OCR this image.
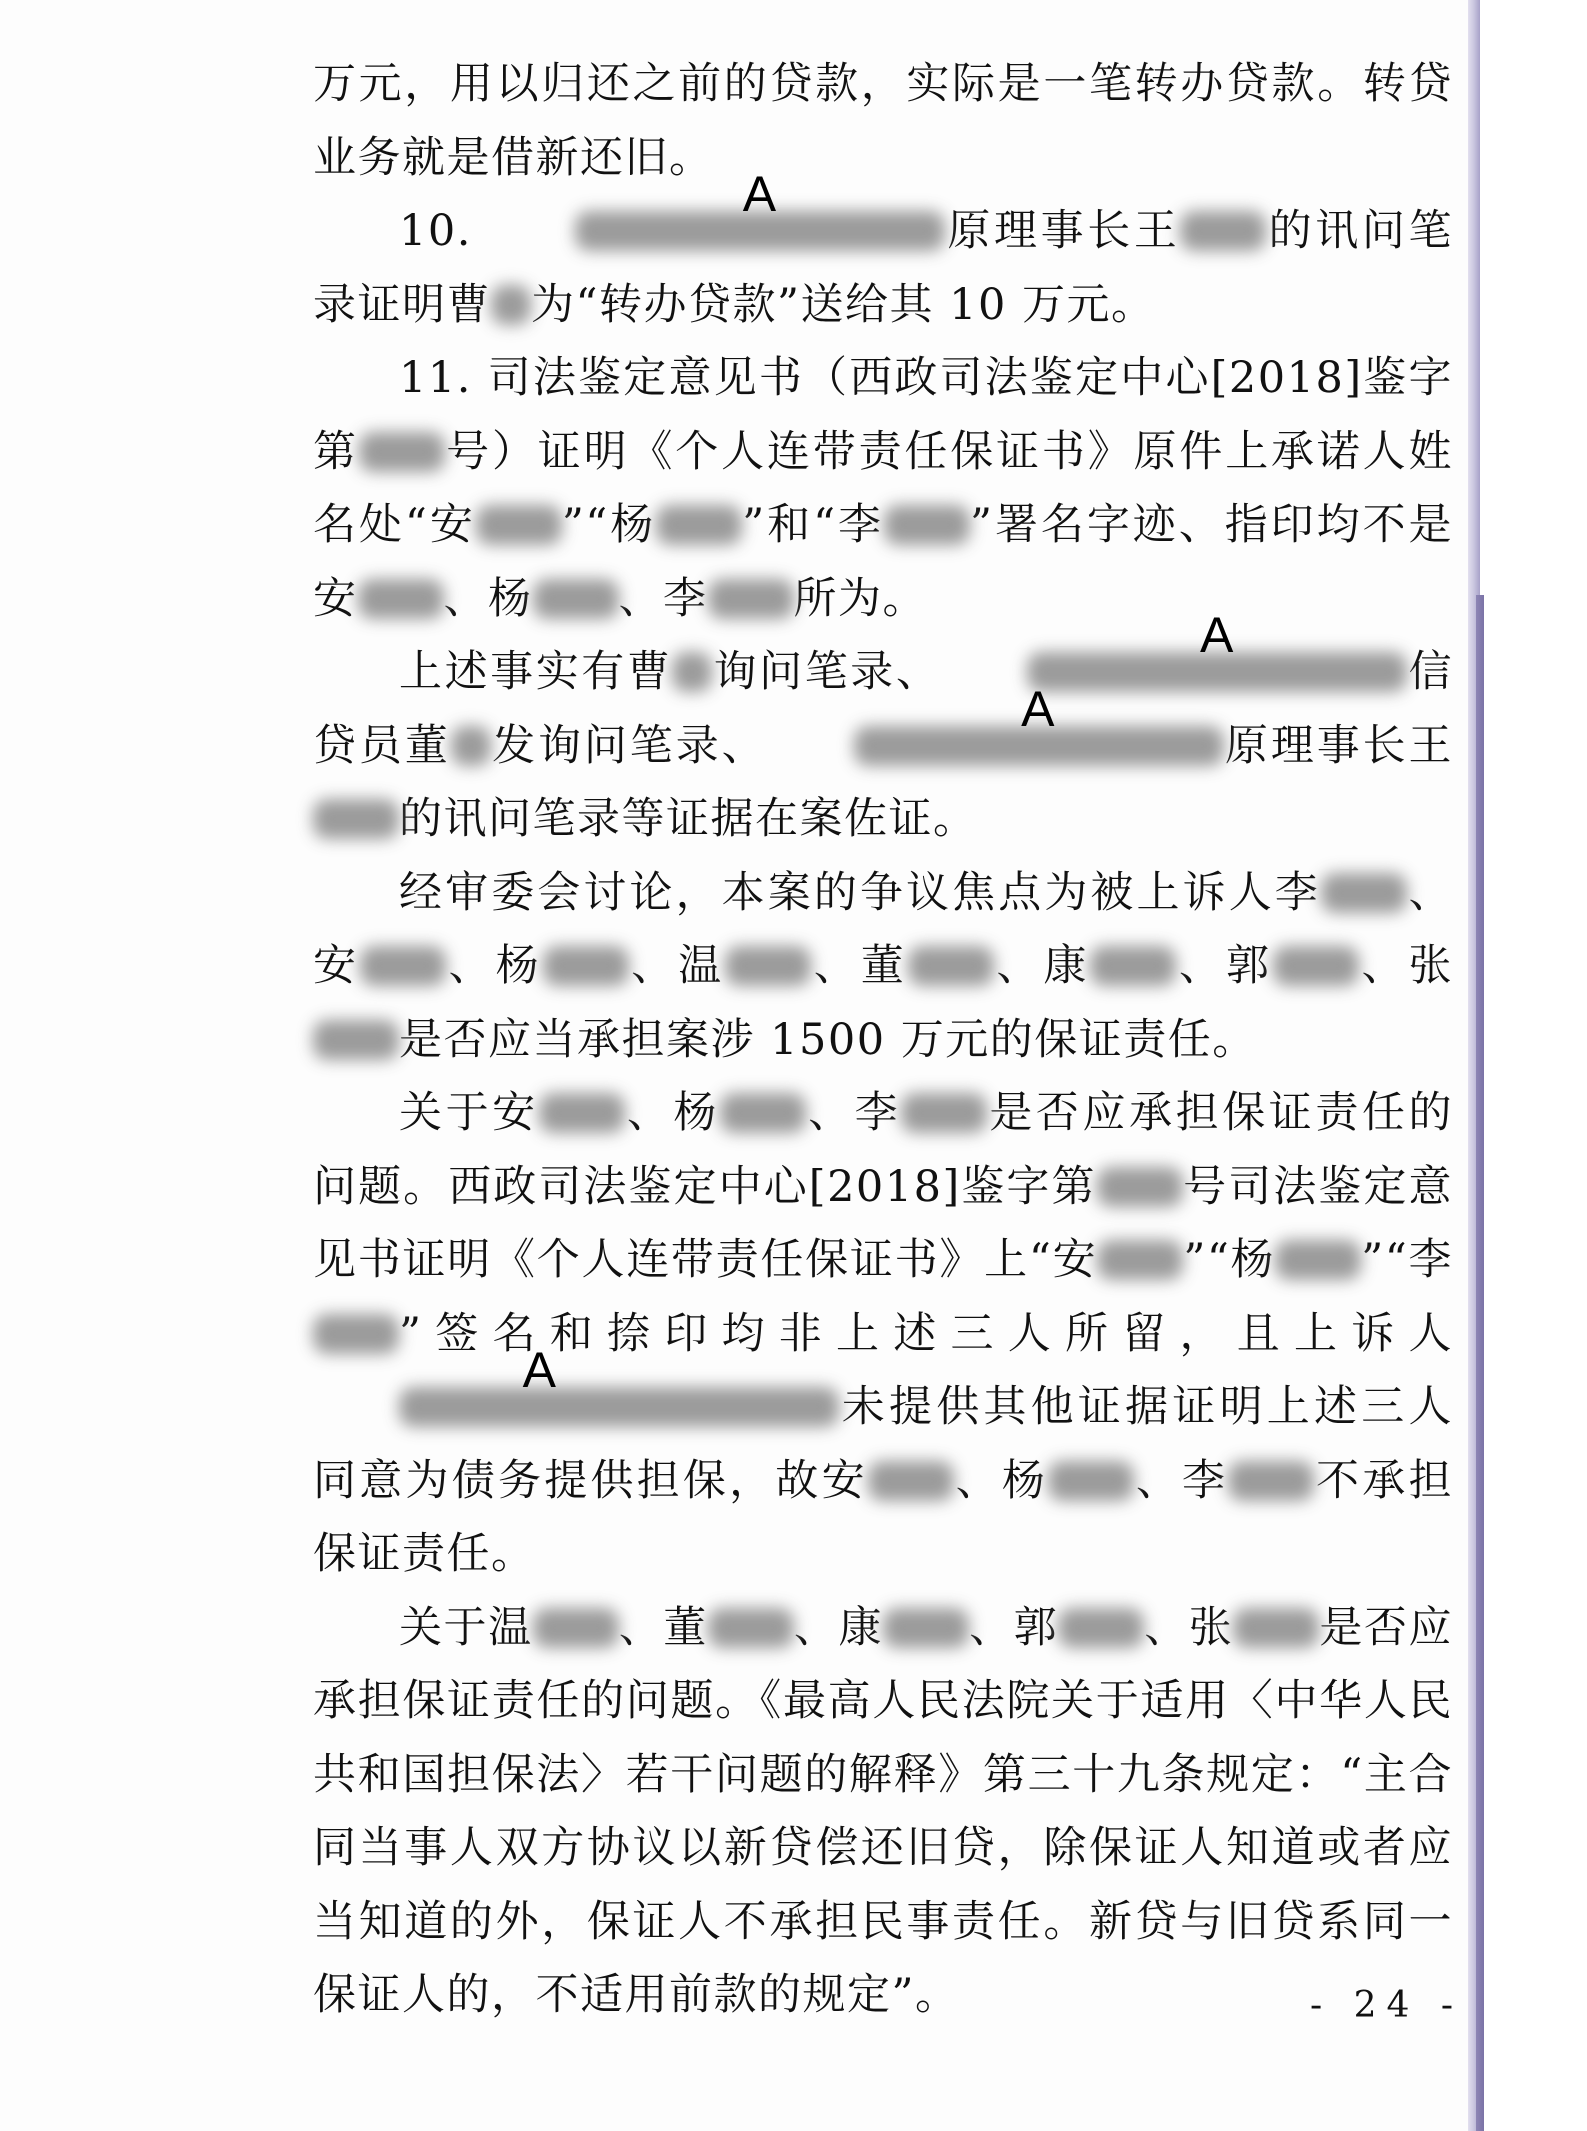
万元，用以归还之前的贷款，实际是一笔转办贷款。转贷业务就是借新还旧。

10.
A
原理事长王 的讯问笔录证明曹 为“转办贷款”送给其 10 万元。

11. 司法鉴定意见书（西政司法鉴定中心[2018]鉴字第 号）证明《个人连带责任保证书》原件上承诺人姓名处“安 ”“杨 ”和“李 ”署名字迹、指印均不是安 、杨 、李 所为。

上述事实有曹 询问笔录、
A
信贷员董 发询问笔录、
A
原理事长王的讯问笔录等证据在案佐证。

经审委会讨论，本案的争议焦点为被上诉人李 、安 、杨 、温 、董 、康 、郭 、张是否应当承担案涉 1500 万元的保证责任。

关于安 、杨 、李 是否应承担保证责任的问题。西政司法鉴定中心[2018]鉴字第 号司法鉴定意见书证明《个人连带责任保证书》上“安 ”“杨 ”“李”签名和捺印均非上述三人所留，且上诉人
A
未提供其他证据证明上述三人同意为债务提供担保，故安 、杨 、李 不承担保证责任。

关于温 、董 、康 、郭 、张 是否应承担保证责任的问题。《最高人民法院关于适用〈中华人民共和国担保法〉若干问题的解释》第三十九条规定：“主合同当事人双方协议以新贷偿还旧贷，除保证人知道或者应当知道的外，保证人不承担民事责任。新贷与旧贷系同一保证人的，不适用前款的规定”。	- 24 -
